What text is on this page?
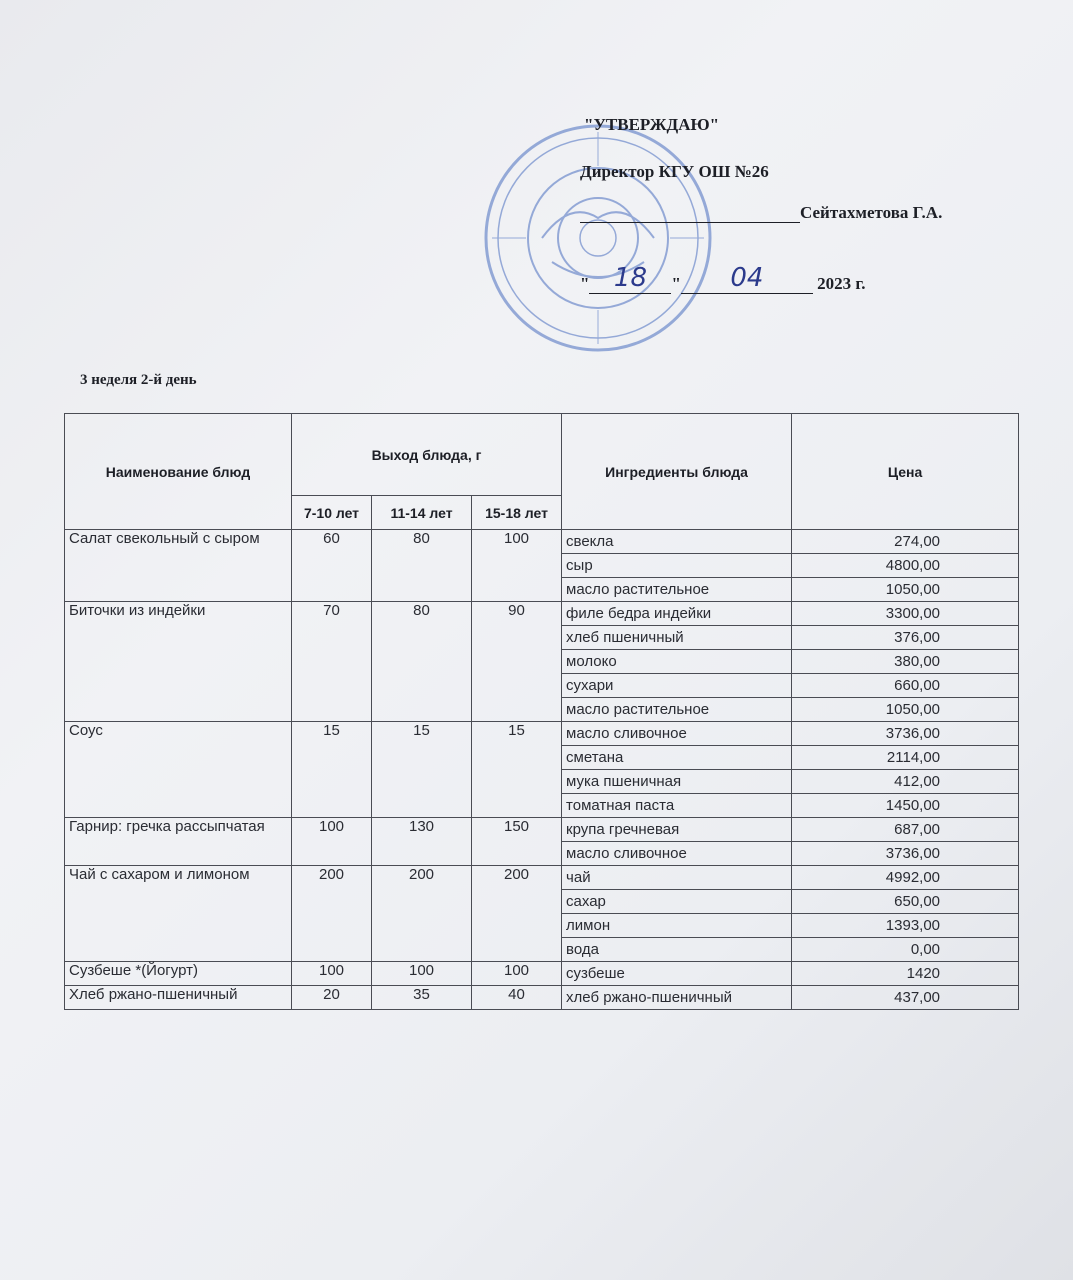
"УТВЕРЖДАЮ"
Директор КГУ ОШ №26
Сейтахметова Г.А.
" 18 " 04	2023 г.
3 неделя 2-й день
Наименование блюд	Выход блюда, г			Ингредиенты блюда	Цена
	7-10 лет	11-14 лет	15-18 лет		
Салат свекольный с сыром	60	80	100	свекла	274,00
				сыр	4800,00
				масло растительное	1050,00
Биточки из индейки	70	80	90	филе бедра индейки	3300,00
				хлеб пшеничный	376,00
				молоко	380,00
				сухари	660,00
				масло растительное	1050,00
Соус	15	15	15	масло сливочное	3736,00
				сметана	2114,00
				мука пшеничная	412,00
				томатная паста	1450,00
Гарнир: гречка рассыпчатая	100	130	150	крупа гречневая	687,00
				масло сливочное	3736,00
Чай с сахаром и лимоном	200	200	200	чай	4992,00
				сахар	650,00
				лимон	1393,00
				вода	0,00
Сузбеше *(Йогурт)	100	100	100	сузбеше	1420
Хлеб ржано-пшеничный	20	35	40	хлеб ржано-пшеничный	437,00
